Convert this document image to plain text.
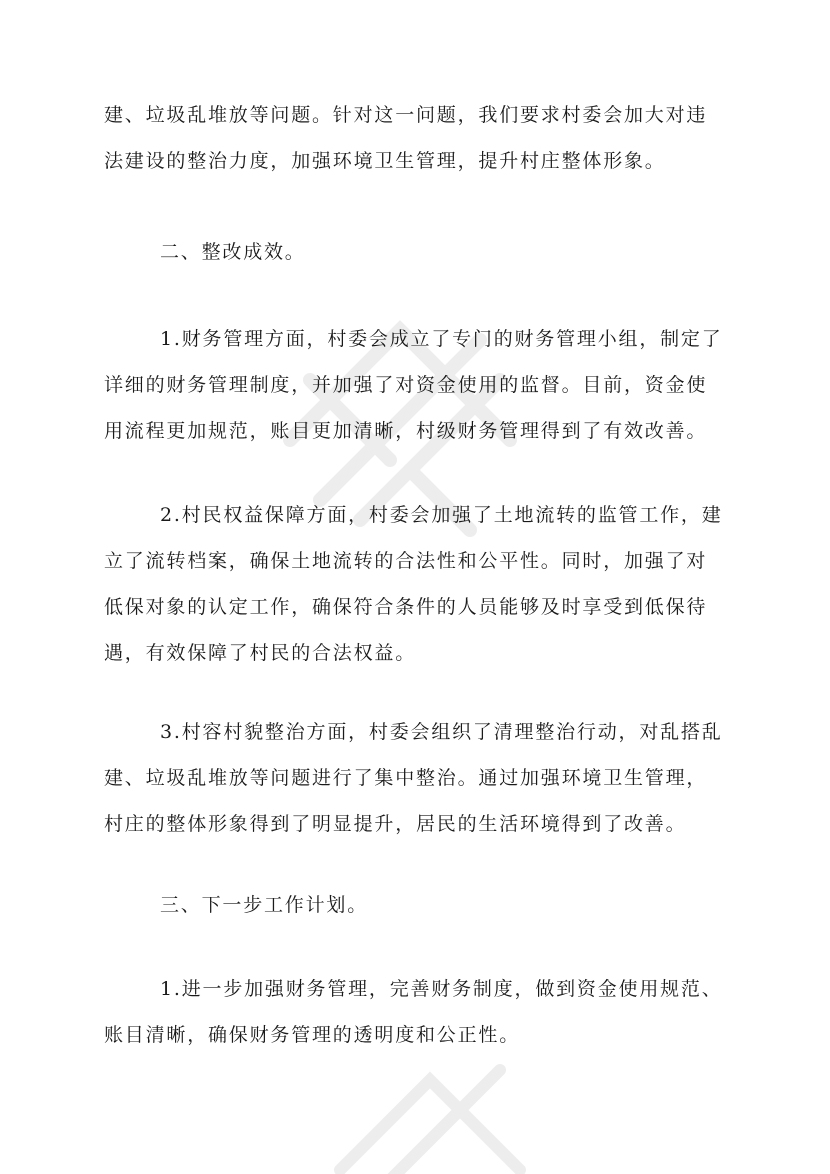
建、垃圾乱堆放等问题。针对这一问题，我们要求村委会加大对违
法建设的整治力度，加强环境卫生管理，提升村庄整体形象。
二、整改成效。
1.财务管理方面，村委会成立了专门的财务管理小组，制定了
详细的财务管理制度，并加强了对资金使用的监督。目前，资金使
用流程更加规范，账目更加清晰，村级财务管理得到了有效改善。
2.村民权益保障方面，村委会加强了土地流转的监管工作，建
立了流转档案，确保土地流转的合法性和公平性。同时，加强了对
低保对象的认定工作，确保符合条件的人员能够及时享受到低保待
遇，有效保障了村民的合法权益。
3.村容村貌整治方面，村委会组织了清理整治行动，对乱搭乱
建、垃圾乱堆放等问题进行了集中整治。通过加强环境卫生管理，
村庄的整体形象得到了明显提升，居民的生活环境得到了改善。
三、下一步工作计划。
1.进一步加强财务管理，完善财务制度，做到资金使用规范、
账目清晰，确保财务管理的透明度和公正性。
